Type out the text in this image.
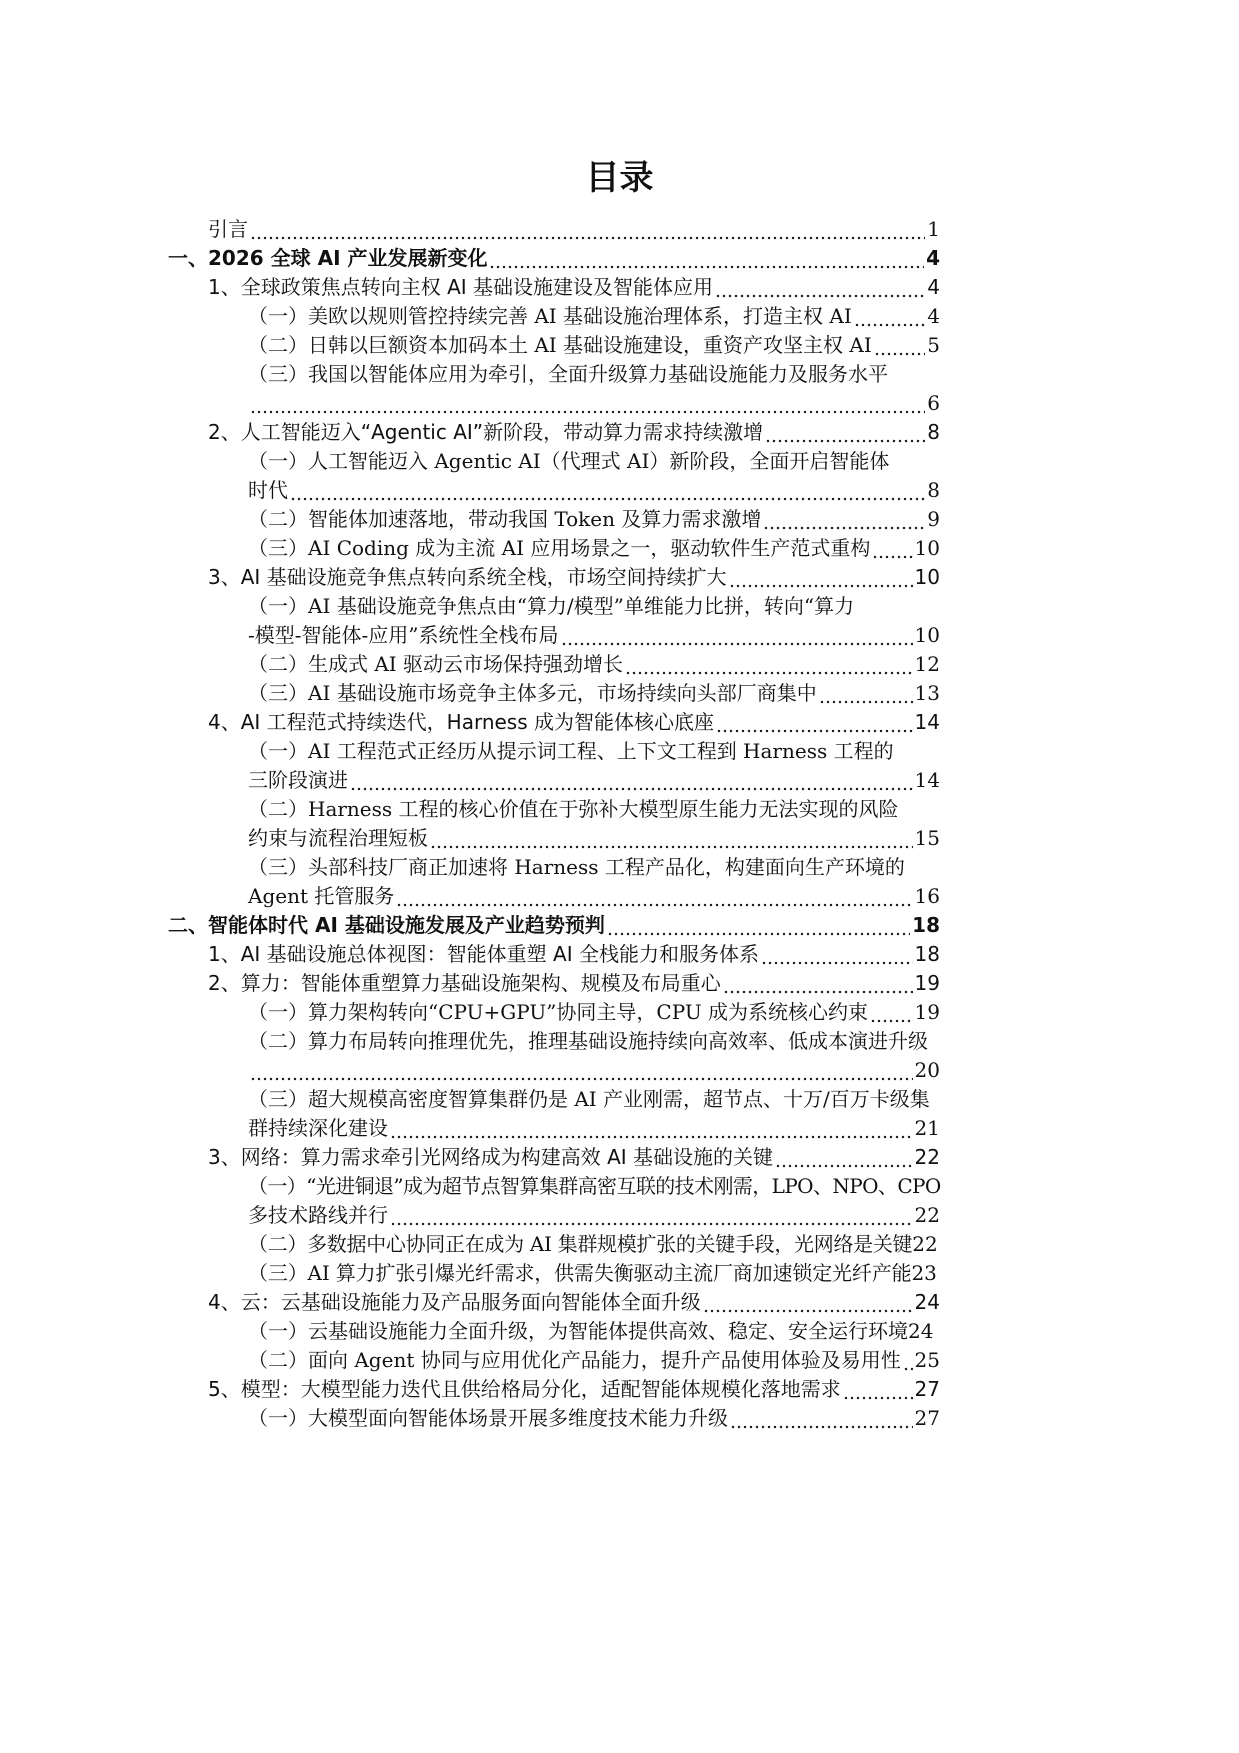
目录
引言	1
一、2026 全球 AI 产业发展新变化	4
1、全球政策焦点转向主权 AI 基础设施建设及智能体应用	4
（一）美欧以规则管控持续完善 AI 基础设施治理体系，打造主权 AI	4
（二）日韩以巨额资本加码本土 AI 基础设施建设，重资产攻坚主权 AI	5
（三）我国以智能体应用为牵引，全面升级算力基础设施能力及服务水平
6
2、人工智能迈入“Agentic AI”新阶段，带动算力需求持续激增	8
（一）人工智能迈入 Agentic AI（代理式 AI）新阶段，全面开启智能体
时代	8
（二）智能体加速落地，带动我国 Token 及算力需求激增	9
（三）AI Coding 成为主流 AI 应用场景之一，驱动软件生产范式重构 10
3、AI 基础设施竞争焦点转向系统全栈，市场空间持续扩大	10
（一）AI 基础设施竞争焦点由“算力/模型”单维能力比拼，转向“算力
-模型-智能体-应用”系统性全栈布局	10
（二）生成式 AI 驱动云市场保持强劲增长	12
（三）AI 基础设施市场竞争主体多元，市场持续向头部厂商集中	13
4、AI 工程范式持续迭代，Harness 成为智能体核心底座	14
（一）AI 工程范式正经历从提示词工程、上下文工程到 Harness 工程的
三阶段演进	14
（二）Harness 工程的核心价值在于弥补大模型原生能力无法实现的风险
约束与流程治理短板	15
（三）头部科技厂商正加速将 Harness 工程产品化，构建面向生产环境的
Agent 托管服务	16
二、智能体时代 AI 基础设施发展及产业趋势预判	18
1、AI 基础设施总体视图：智能体重塑 AI 全栈能力和服务体系	18
2、算力：智能体重塑算力基础设施架构、规模及布局重心	19
（一）算力架构转向“CPU+GPU”协同主导，CPU 成为系统核心约束 19
（二）算力布局转向推理优先，推理基础设施持续向高效率、低成本演进升级
20
（三）超大规模高密度智算集群仍是 AI 产业刚需，超节点、十万/百万卡级集
群持续深化建设	21
3、网络：算力需求牵引光网络成为构建高效 AI 基础设施的关键	22
（一）“光进铜退”成为超节点智算集群高密互联的技术刚需，LPO、NPO、CPO
多技术路线并行	22
（二）多数据中心协同正在成为 AI 集群规模扩张的关键手段，光网络是关键 22
（三）AI 算力扩张引爆光纤需求，供需失衡驱动主流厂商加速锁定光纤产能 23
4、云：云基础设施能力及产品服务面向智能体全面升级	24
（一）云基础设施能力全面升级，为智能体提供高效、稳定、安全运行环境 24
（二）面向 Agent 协同与应用优化产品能力，提升产品使用体验及易用性 25
5、模型：大模型能力迭代且供给格局分化，适配智能体规模化落地需求	27
（一）大模型面向智能体场景开展多维度技术能力升级	27
